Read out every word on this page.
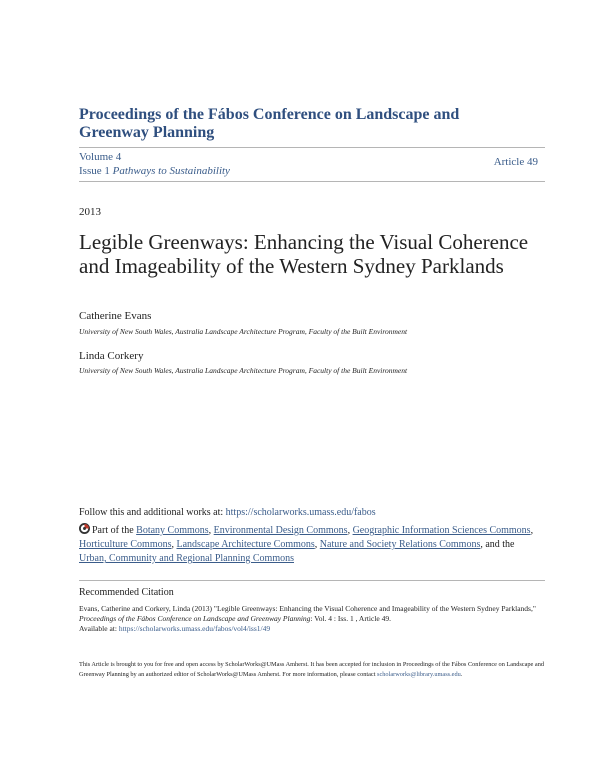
Proceedings of the Fábos Conference on Landscape and Greenway Planning
Volume 4
Issue 1 Pathways to Sustainability
Article 49
2013
Legible Greenways: Enhancing the Visual Coherence and Imageability of the Western Sydney Parklands
Catherine Evans
University of New South Wales, Australia Landscape Architecture Program, Faculty of the Built Environment
Linda Corkery
University of New South Wales, Australia Landscape Architecture Program, Faculty of the Built Environment
Follow this and additional works at: https://scholarworks.umass.edu/fabos
Part of the Botany Commons, Environmental Design Commons, Geographic Information Sciences Commons, Horticulture Commons, Landscape Architecture Commons, Nature and Society Relations Commons, and the Urban, Community and Regional Planning Commons
Recommended Citation
Evans, Catherine and Corkery, Linda (2013) "Legible Greenways: Enhancing the Visual Coherence and Imageability of the Western Sydney Parklands," Proceedings of the Fábos Conference on Landscape and Greenway Planning: Vol. 4 : Iss. 1 , Article 49.
Available at: https://scholarworks.umass.edu/fabos/vol4/iss1/49
This Article is brought to you for free and open access by ScholarWorks@UMass Amherst. It has been accepted for inclusion in Proceedings of the Fábos Conference on Landscape and Greenway Planning by an authorized editor of ScholarWorks@UMass Amherst. For more information, please contact scholarworks@library.umass.edu.
